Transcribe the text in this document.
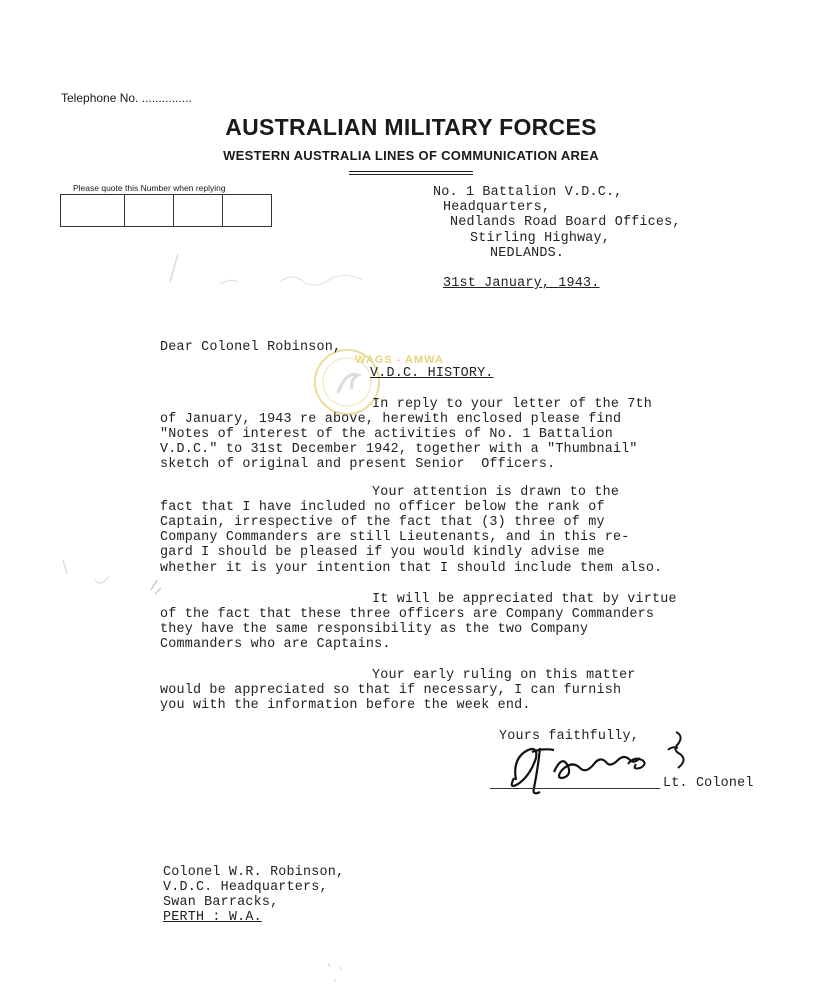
Telephone No. ...............
AUSTRALIAN MILITARY FORCES
WESTERN AUSTRALIA LINES OF COMMUNICATION AREA
Please quote this Number when replying	No. 1 Battalion V.D.C.,
Headquarters,
Nedlands Road Board Offices,
Stirling Highway,
NEDLANDS.
31st January, 1943.
WAGS - AMWA
Dear Colonel Robinson,
V.D.C. HISTORY.
In reply to your letter of the 7th
of January, 1943 re above, herewith enclosed please find
"Notes of interest of the activities of No. 1 Battalion
V.D.C." to 31st December 1942, together with a "Thumbnail"
sketch of original and present Senior  Officers.
Your attention is drawn to the
fact that I have included no officer below the rank of
Captain, irrespective of the fact that (3) three of my
Company Commanders are still Lieutenants, and in this re-
gard I should be pleased if you would kindly advise me
whether it is your intention that I should include them also.
It will be appreciated that by virtue
of the fact that these three officers are Company Commanders
they have the same responsibility as the two Company
Commanders who are Captains.
Your early ruling on this matter
would be appreciated so that if necessary, I can furnish
you with the information before the week end.
Yours faithfully,
Lt. Colonel
Colonel W.R. Robinson,
V.D.C. Headquarters,
Swan Barracks,
PERTH : W.A.
